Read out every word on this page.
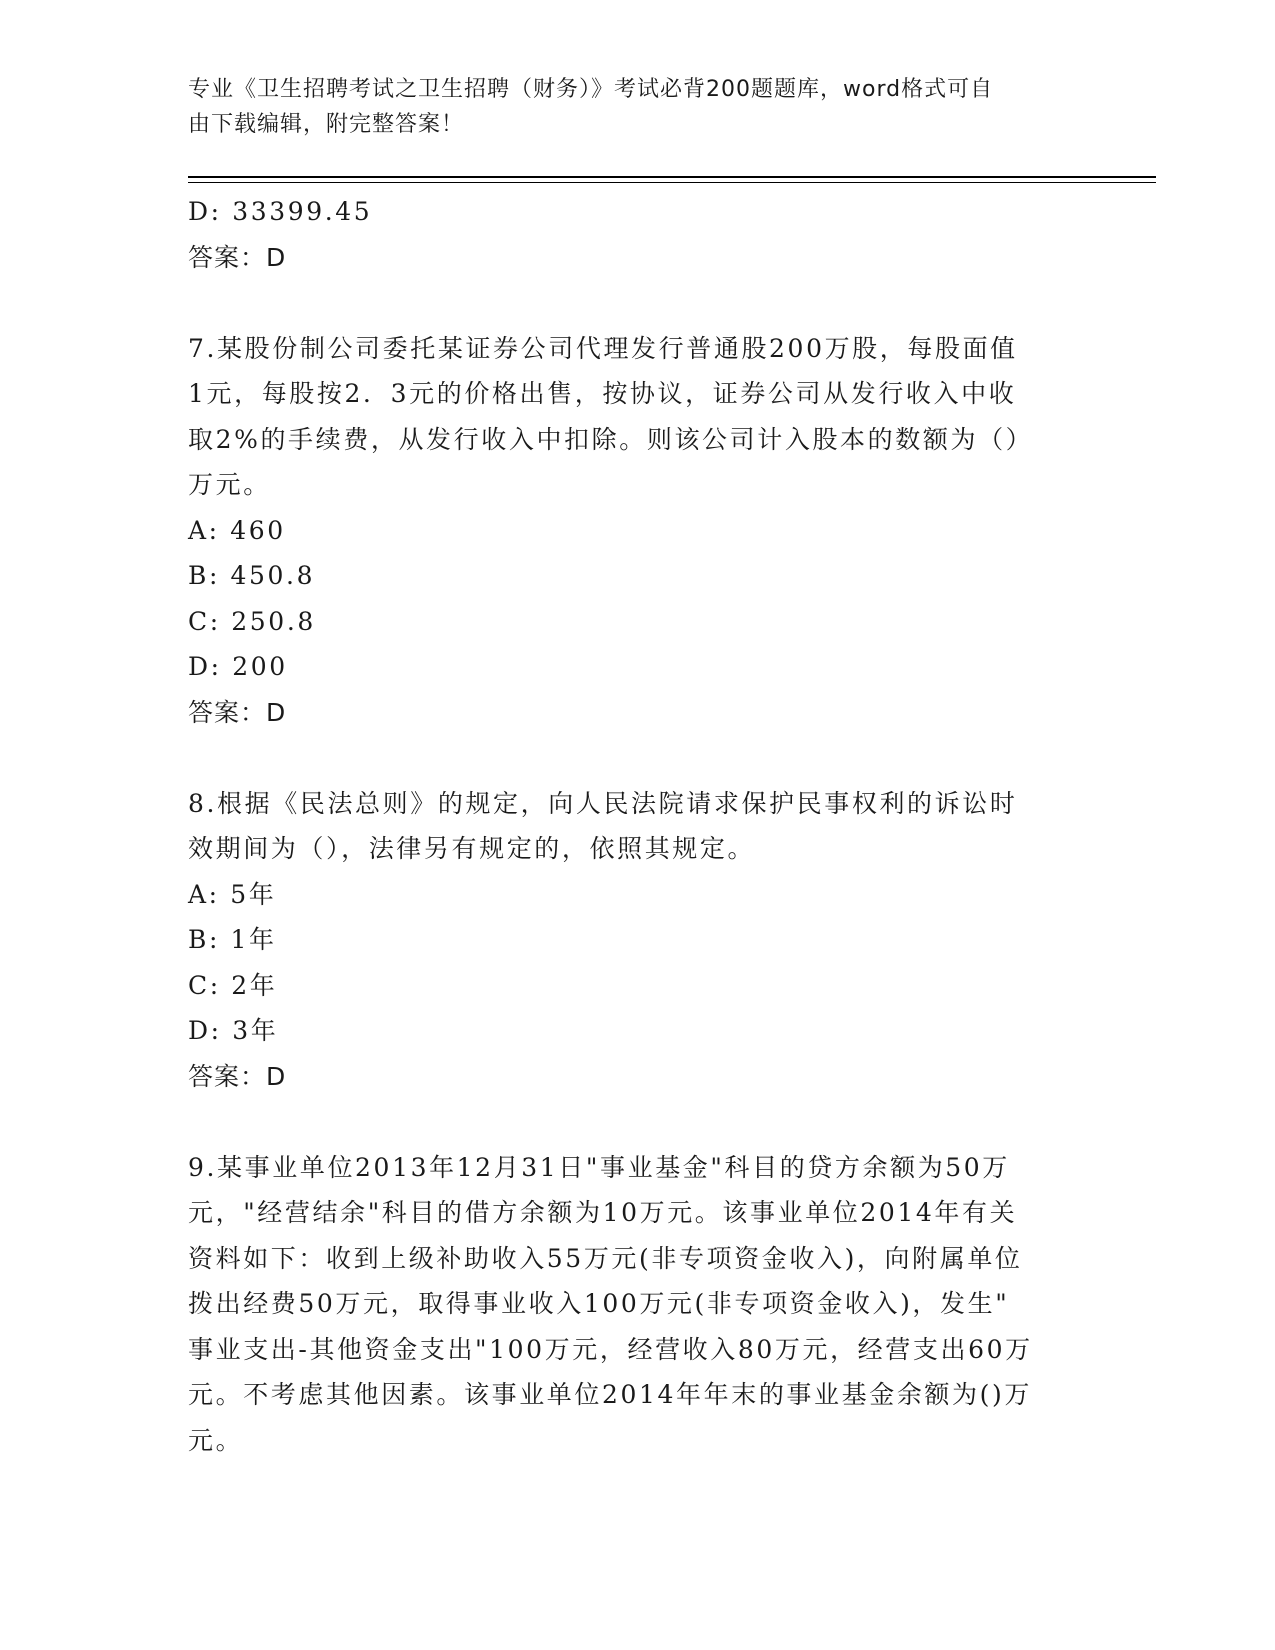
专业《卫生招聘考试之卫生招聘（财务）》考试必背200题题库，word格式可自
由下载编辑，附完整答案！
D: 33399.45
答案：D
7.某股份制公司委托某证券公司代理发行普通股200万股，每股面值
1元，每股按2．3元的价格出售，按协议，证券公司从发行收入中收
取2%的手续费，从发行收入中扣除。则该公司计入股本的数额为（）
万元。
A: 460
B: 450.8
C: 250.8
D: 200
答案：D
8.根据《民法总则》的规定，向人民法院请求保护民事权利的诉讼时
效期间为（），法律另有规定的，依照其规定。
A: 5年
B: 1年
C: 2年
D: 3年
答案：D
9.某事业单位2013年12月31日"事业基金"科目的贷方余额为50万
元，"经营结余"科目的借方余额为10万元。该事业单位2014年有关
资料如下：收到上级补助收入55万元(非专项资金收入)，向附属单位
拨出经费50万元，取得事业收入100万元(非专项资金收入)，发生"
事业支出-其他资金支出"100万元，经营收入80万元，经营支出60万
元。不考虑其他因素。该事业单位2014年年末的事业基金余额为()万
元。
